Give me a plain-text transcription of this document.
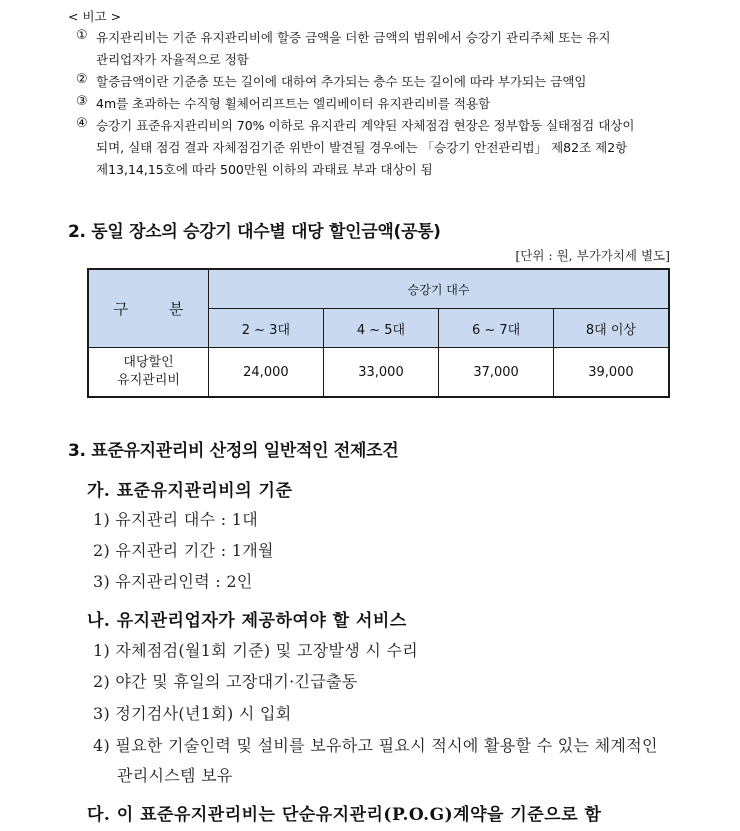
< 비고 >
① 유지관리비는 기준 유지관리비에 할증 금액을 더한 금액의 범위에서 승강기 관리주체 또는 유지
관리업자가 자율적으로 정함
② 할증금액이란 기준층 또는 길이에 대하여 추가되는 층수 또는 길이에 따라 부가되는 금액임
③ 4m를 초과하는 수직형 휠체어리프트는 엘리베이터 유지관리비를 적용함
④ 승강기 표준유지관리비의 70% 이하로 유지관리 계약된 자체점검 현장은 정부합동 실태점검 대상이
되며, 실태 점검 결과 자체점검기준 위반이 발견될 경우에는 「승강기 안전관리법」 제82조 제2항
제13,14,15호에 따라 500만원 이하의 과태료 부과 대상이 됨
2. 동일 장소의 승강기 대수별 대당 할인금액(공통)
[단위 : 원, 부가가치세 별도]
구 분	승강기 대수			
	2 ~ 3대	4 ~ 5대	6 ~ 7대	8대 이상

대당할인
유지관리비	24,000	33,000	37,000	39,000
3. 표준유지관리비 산정의 일반적인 전제조건
가. 표준유지관리비의 기준
1) 유지관리 대수 : 1대
2) 유지관리 기간 : 1개월
3) 유지관리인력 : 2인
나. 유지관리업자가 제공하여야 할 서비스
1) 자체점검(월1회 기준) 및 고장발생 시 수리
2) 야간 및 휴일의 고장대기·긴급출동
3) 정기검사(년1회) 시 입회
4) 필요한 기술인력 및 설비를 보유하고 필요시 적시에 활용할 수 있는 체계적인
관리시스템 보유
다. 이 표준유지관리비는 단순유지관리(P.O.G)계약을 기준으로 함
